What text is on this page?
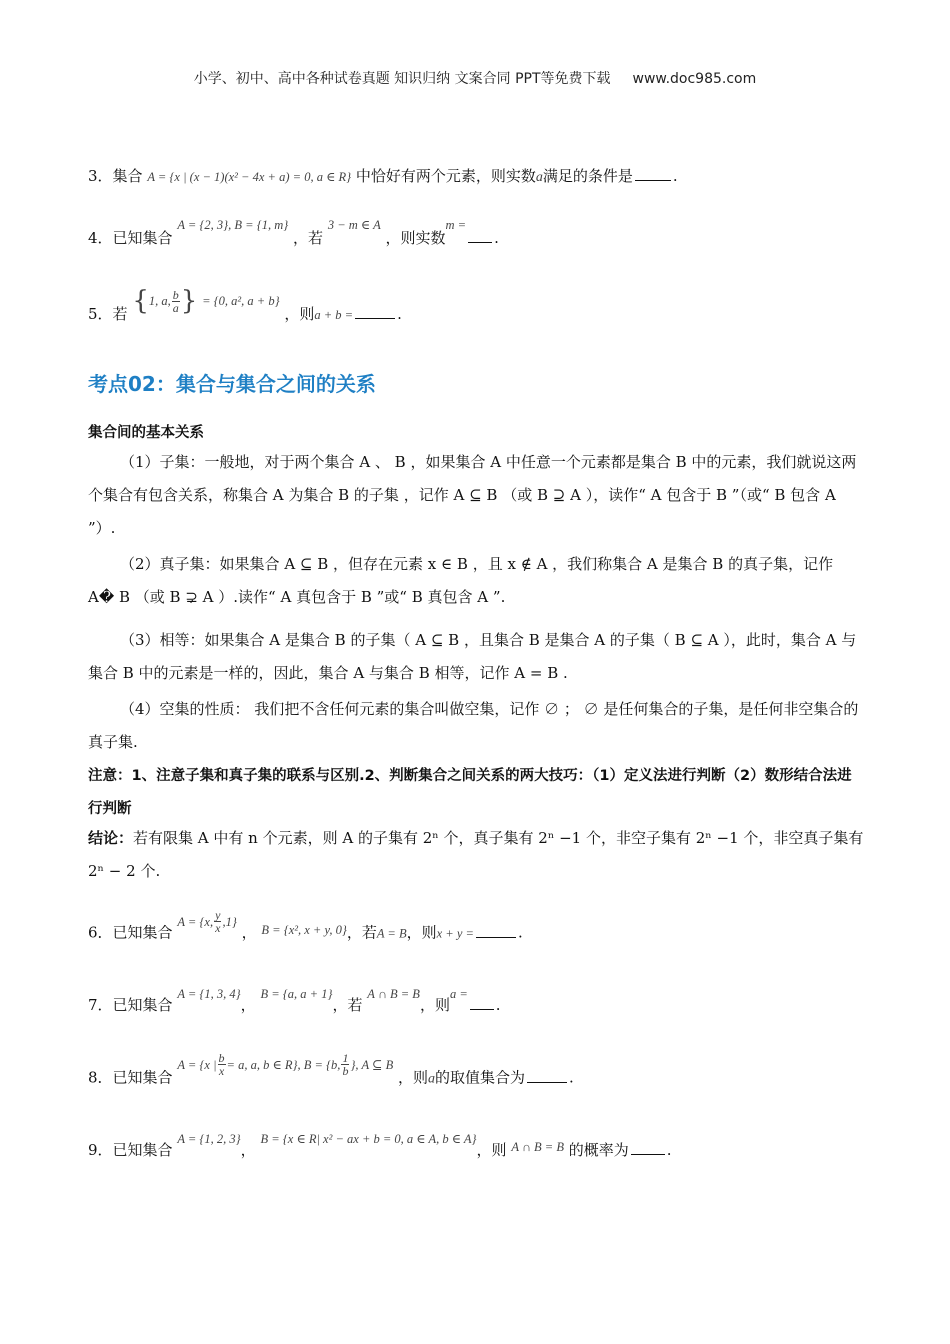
小学、初中、高中各种试卷真题 知识归纳 文案合同 PPT等免费下载 www.doc985.com
3．集合 A = {x | (x − 1)(x² − 4x + a) = 0, a ∈ R} 中恰好有两个元素，则实数a满足的条件是	.
4．已知集合 $^{A = \{2, 3\}, B = \{1, m\}}$ ，若 $^{3 - m \in A}$ ，则实数$^{m =}$.
5．若 {1, a, $\frac{b}{a}$ } = {0, a², a + b} ，则a + b =	.
考点02：集合与集合之间的关系
集合间的基本关系
（1）子集：一般地，对于两个集合 A 、 B ，如果集合 A 中任意一个元素都是集合 B 中的元素，我们就说这两个集合有包含关系，称集合 A 为集合 B 的子集 ，记作 A ⊆ B （或 B ⊇ A ），读作“ A 包含于 B ”（或“ B 包含 A ”）.
（2）真子集：如果集合 A ⊆ B ，但存在元素 x ∈ B ，且 x ∉ A ，我们称集合 A 是集合 B 的真子集，记作 A� B （或 B ⊋ A ）.读作“ A 真包含于 B ”或“ B 真包含 A ”.
（3）相等：如果集合 A 是集合 B 的子集（ A ⊆ B ，且集合 B 是集合 A 的子集（ B ⊆ A ），此时，集合 A 与集合 B 中的元素是一样的，因此，集合 A 与集合 B 相等，记作 A = B .
（4）空集的性质： 我们把不含任何元素的集合叫做空集，记作 ∅ ； ∅ 是任何集合的子集，是任何非空集合的真子集.
注意：1、注意子集和真子集的联系与区别.2、判断集合之间关系的两大技巧：（1）定义法进行判断（2）数形结合法进行判断
结论：若有限集 A 中有 n 个元素，则 A 的子集有 2ⁿ 个，真子集有 2ⁿ −1 个，非空子集有 2ⁿ −1 个，非空真子集有 2ⁿ − 2 个.
6．已知集合 A = {x, $\frac{y}{x} ,1$} ， $^{B = \{x^2, x + y, 0\}}$，若A = B，则x + y =	.
7．已知集合 $^{A = \{1, 3, 4\}}$， $^{B = \{a, a + 1\}}$，若 $^{A \cap B = B}$，则$^{a =}$.
8．已知集合 A = {x | $\frac{b}{x} = a$, a, b ∈ R}, B = {b, $\frac{1}{b}$ }, A ⊆ B ，则a的取值集合为	.
9．已知集合 $^{A = \{1, 2, 3\}}$， $^{B = \{x \in R| x^2 - ax + b = 0, a \in A, b \in A\}}$，则 $^{A \cap B = B}$ 的概率为	.
